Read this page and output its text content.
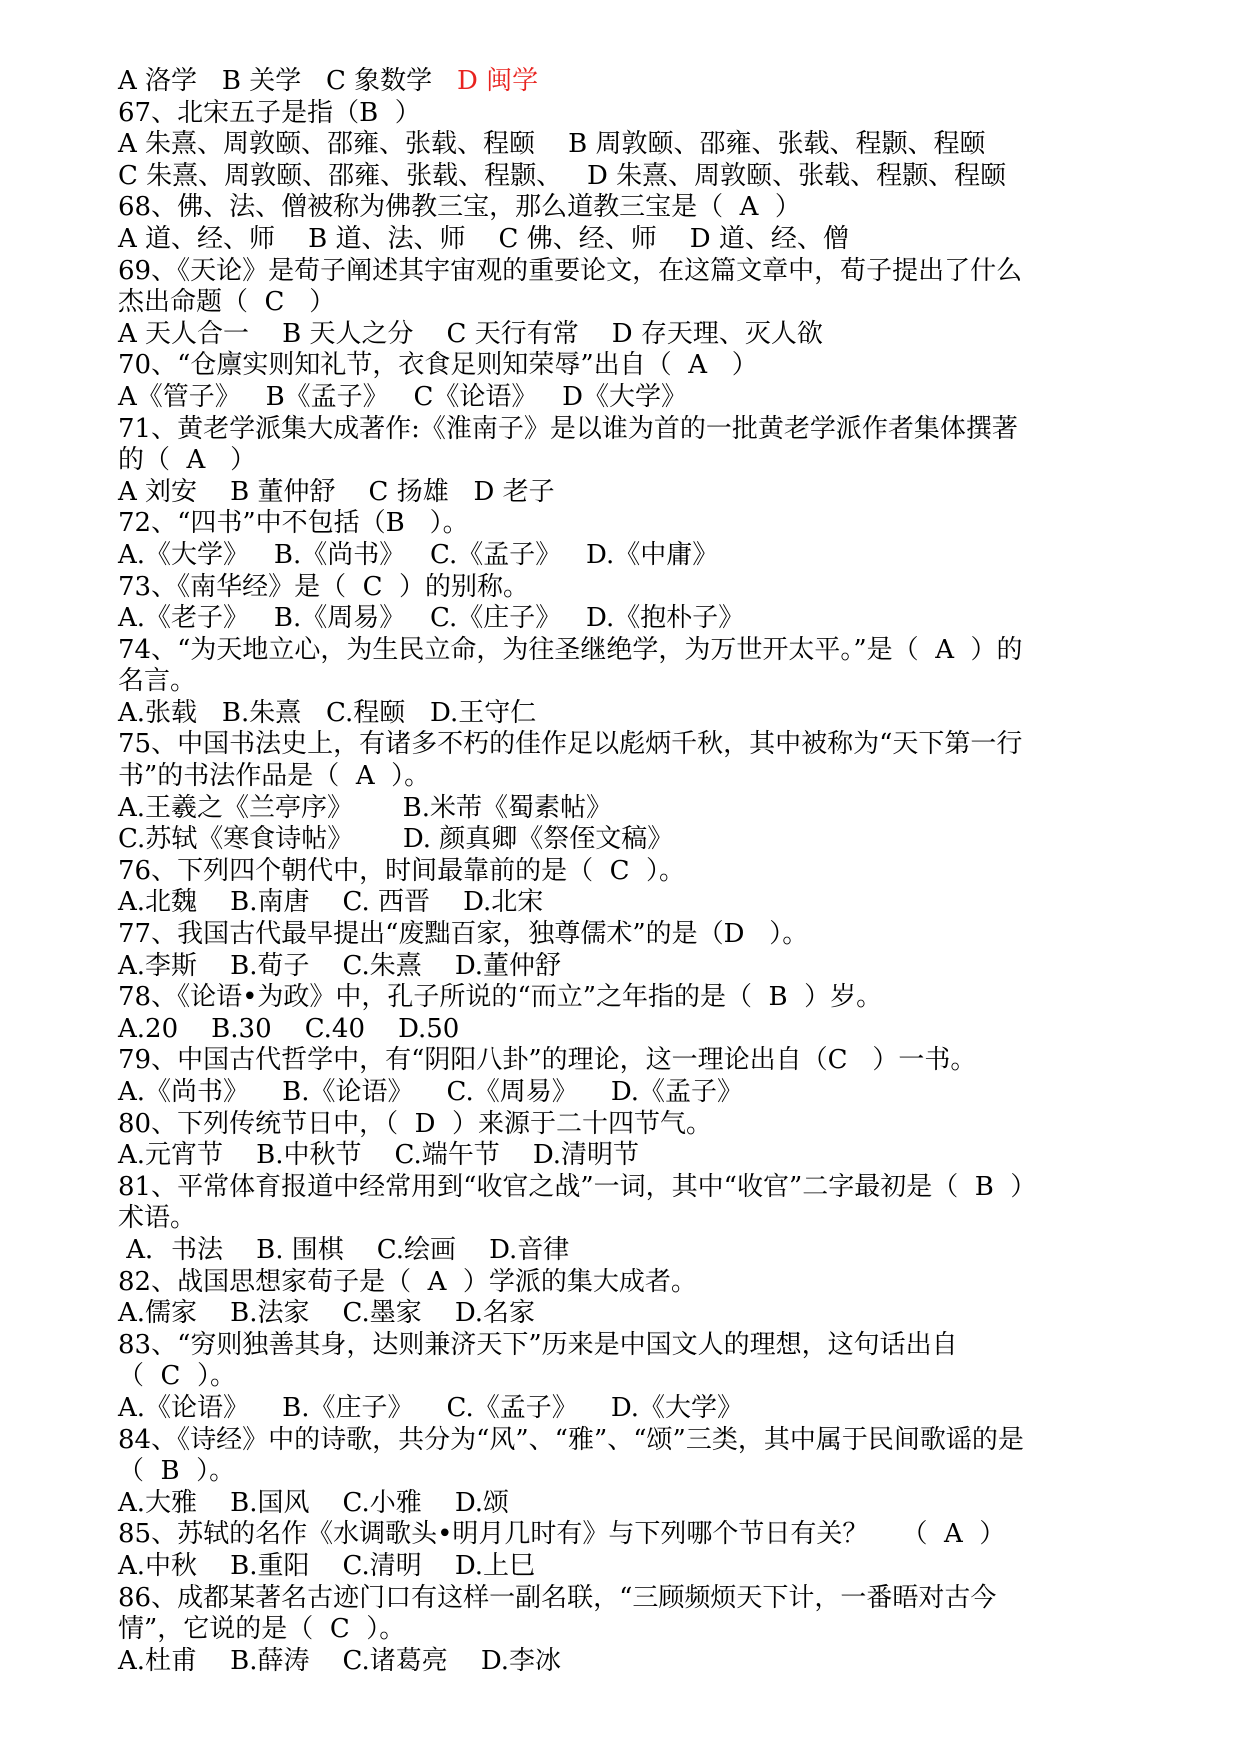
A 洛学   B 关学   C 象数学   D 闽学
67、北宋五子是指（B  ）
A 朱熹、周敦颐、邵雍、张载、程颐    B 周敦颐、邵雍、张载、程颢、程颐
C 朱熹、周敦颐、邵雍、张载、程颢、   D 朱熹、周敦颐、张载、程颢、程颐
68、佛、法、僧被称为佛教三宝，那么道教三宝是（  A  ）
A 道、经、师    B 道、法、师    C 佛、经、师    D 道、经、僧
69、《天论》是荀子阐述其宇宙观的重要论文，在这篇文章中，荀子提出了什么
杰出命题（  C   ）
A 天人合一    B 天人之分    C 天行有常    D 存天理、灭人欲
70、“仓廪实则知礼节，衣食足则知荣辱”出自（  A   ）
A《管子》   B《孟子》   C《论语》   D《大学》
71、黄老学派集大成著作:《淮南子》是以谁为首的一批黄老学派作者集体撰著
的（  A   ）
A 刘安    B 董仲舒    C 扬雄   D 老子
72、“四书”中不包括（B   ）。
A.《大学》   B.《尚书》   C.《孟子》   D.《中庸》
73、《南华经》是（  C  ）的别称。
A.《老子》   B.《周易》   C.《庄子》   D.《抱朴子》
74、“为天地立心，为生民立命，为往圣继绝学，为万世开太平。”是（  A  ）的
名言。
A.张载   B.朱熹   C.程颐   D.王守仁
75、中国书法史上，有诸多不朽的佳作足以彪炳千秋，其中被称为“天下第一行
书”的书法作品是（  A  ）。
A.王羲之《兰亭序》      B.米芾《蜀素帖》
C.苏轼《寒食诗帖》      D. 颜真卿《祭侄文稿》
76、下列四个朝代中，时间最靠前的是（  C  ）。
A.北魏    B.南唐    C. 西晋    D.北宋
77、我国古代最早提出“废黜百家，独尊儒术”的是（D   ）。
A.李斯    B.荀子    C.朱熹    D.董仲舒
78、《论语•为政》中，孔子所说的“而立”之年指的是（  B  ）岁。
A.20    B.30    C.40    D.50
79、中国古代哲学中，有“阴阳八卦”的理论，这一理论出自（C   ）一书。
A.《尚书》    B.《论语》    C.《周易》    D.《孟子》
80、下列传统节日中，（  D  ）来源于二十四节气。
A.元宵节    B.中秋节    C.端午节    D.清明节
81、平常体育报道中经常用到“收官之战”一词，其中“收官”二字最初是（  B  ）
术语。
A．书法    B. 围棋    C.绘画    D.音律
82、战国思想家荀子是（  A  ）学派的集大成者。
A.儒家    B.法家    C.墨家    D.名家
83、“穷则独善其身，达则兼济天下”历来是中国文人的理想，这句话出自
（  C  ）。
A.《论语》    B.《庄子》    C.《孟子》    D.《大学》
84、《诗经》中的诗歌，共分为“风”、“雅”、“颂”三类，其中属于民间歌谣的是
（  B  ）。
A.大雅    B.国风    C.小雅    D.颂
85、苏轼的名作《水调歌头•明月几时有》与下列哪个节日有关？    （  A  ）
A.中秋    B.重阳    C.清明    D.上巳
86、成都某著名古迹门口有这样一副名联，“三顾频烦天下计，一番晤对古今
情”，它说的是（  C  ）。
A.杜甫    B.薛涛    C.诸葛亮    D.李冰
